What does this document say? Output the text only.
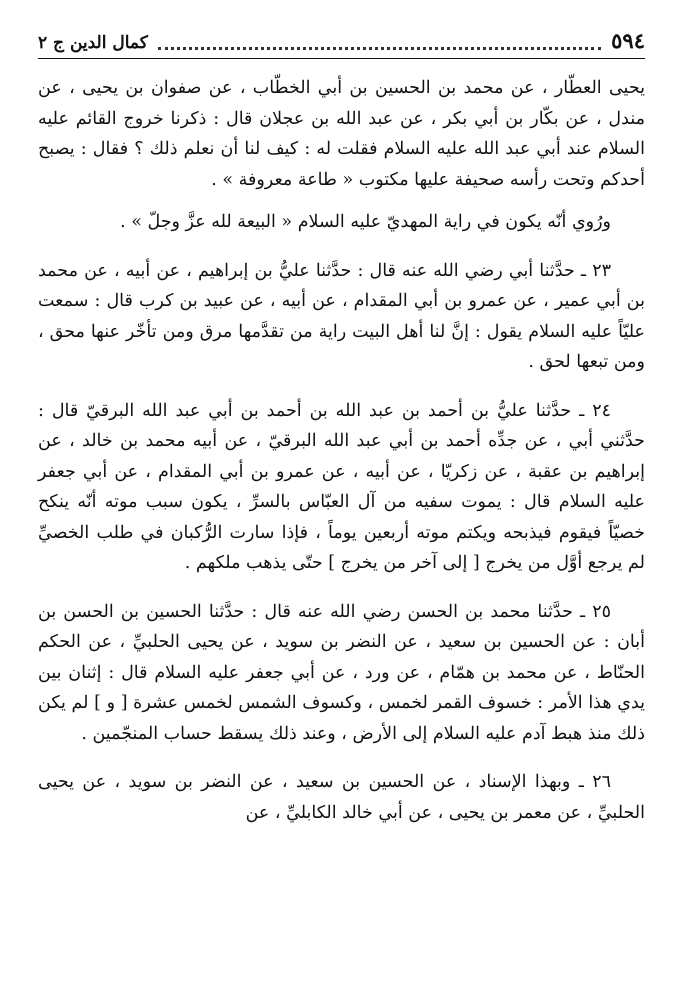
٥٩٤
كمال الدين ج ٢

يحيى العطّار ، عن محمد بن الحسين بن أبي الخطّاب ، عن صفوان بن يحيى ، عن مندل ، عن بكّار بن أبي بكر ، عن عبد الله بن عجلان قال : ذكرنا خروج القائم عليه السلام عند أبي عبد الله عليه السلام فقلت له : كيف لنا أن نعلم ذلك ؟ فقال : يصبح أحدكم وتحت رأسه صحيفة عليها مكتوب « طاعة معروفة » .

ورُوي أنّه يكون في راية المهديّ عليه السلام « البيعة لله عزَّ وجلّ » .

٢٣ ـ حدَّثنا أبي رضي الله عنه قال : حدَّثنا عليُّ بن إبراهيم ، عن أبيه ، عن محمد بن أبي عمير ، عن عمرو بن أبي المقدام ، عن أبيه ، عن عبيد بن كرب قال : سمعت عليّاً عليه السلام يقول : إنَّ لنا أهل البيت راية من تقدَّمها مرق ومن تأخّر عنها محق ، ومن تبعها لحق .

٢٤ ـ حدَّثنا عليُّ بن أحمد بن عبد الله بن أحمد بن أبي عبد الله البرقيّ قال : حدَّثني أبي ، عن جدِّه أحمد بن أبي عبد الله البرقيّ ، عن أبيه محمد بن خالد ، عن إبراهيم بن عقبة ، عن زكريّا ، عن أبيه ، عن عمرو بن أبي المقدام ، عن أبي جعفر عليه السلام قال : يموت سفيه من آل العبّاس بالسرِّ ، يكون سبب موته أنّه ينكح خصيّاً فيقوم فيذبحه ويكتم موته أربعين يوماً ، فإذا سارت الرُّكبان في طلب الخصيِّ لم يرجع أوَّل من يخرج [ إلى آخر من يخرج ] حتّى يذهب ملكهم .

٢٥ ـ حدَّثنا محمد بن الحسن رضي الله عنه قال : حدَّثنا الحسين بن الحسن بن أبان : عن الحسين بن سعيد ، عن النضر بن سويد ، عن يحيى الحلبيِّ ، عن الحكم الحنّاط ، عن محمد بن همّام ، عن ورد ، عن أبي جعفر عليه السلام قال : إثنان بين يدي هذا الأمر : خسوف القمر لخمس ، وكسوف الشمس لخمس عشرة [ و ] لم يكن ذلك منذ هبط آدم عليه السلام إلى الأرض ، وعند ذلك يسقط حساب المنجّمين .

٢٦ ـ وبهذا الإسناد ، عن الحسين بن سعيد ، عن النضر بن سويد ، عن يحيى الحلبيِّ ، عن معمر بن يحيى ، عن أبي خالد الكابليِّ ، عن
